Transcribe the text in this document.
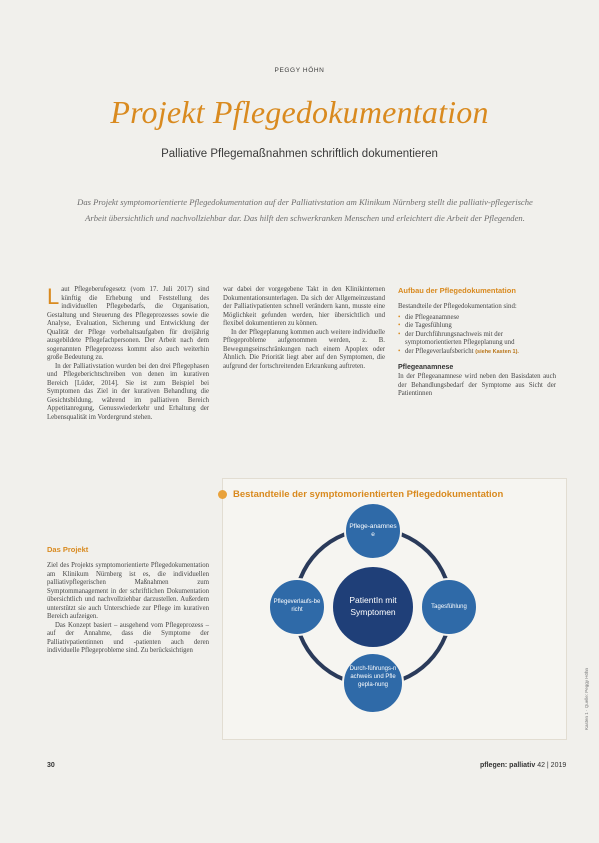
PEGGY HÖHN
Projekt Pflegedokumentation
Palliative Pflegemaßnahmen schriftlich dokumentieren
Das Projekt symptomorientierte Pflegedokumentation auf der Palliativstation am Klinikum Nürnberg stellt die palliativ-pflegerische Arbeit übersichtlich und nachvollziehbar dar. Das hilft den schwerkranken Menschen und erleichtert die Arbeit der Pflegenden.
L aut Pflegeberufegesetz (vom 17. Juli 2017) sind künftig die Erhebung und Feststellung des individuellen Pflegebedarfs, die Organisation, Gestaltung und Steuerung des Pflegeprozesses sowie die Analyse, Evaluation, Sicherung und Entwicklung der Qualität der Pflege vorbehaltsaufgaben für dreijährig ausgebildete Pflegefachpersonen. Der Arbeit nach dem sogenannten Pflegeprozess kommt also auch weiterhin große Bedeutung zu.

In der Palliativstation wurden bei den drei Pflegephasen und Pflegeberichtschreiben von denen im kurativen Bereich [Lüder, 2014]. Sie ist zum Beispiel bei Symptomen das Ziel in der kurativen Behandlung die Gesichtsbildung, während im palliativen Bereich Appetitanregung, Genusswiederkehr und Erhaltung der Lebensqualität im Vordergrund stehen.

war dabei der vorgegebene Takt in den Klinikinternen Dokumentationsunterlagen. Da sich der Allgemeinzustand der Palliativpatienten schnell verändern kann, musste eine Möglichkeit gefunden werden, hier übersichtlich und flexibel dokumentieren zu können.

In der Pflegeplanung kommen auch weitere individuelle Pflegeprobleme aufgenommen werden, z. B. Bewegungseinschränkungen nach einem Apoplex oder Ähnlich. Die Priorität liegt aber auf den Symptomen, die aufgrund der fortschreitenden Erkrankung auftreten.

Aufbau der Pflegedokumentation

Bestandteile der Pflegedokumentation sind:

• die Pflegeanamnese
• die Tagesfühlung
• der Durchführungsnachweis mit der symptomorientierten Pflegeplanung und
• der Pflegeverlaufsbericht (siehe Kasten 1).
Pflegeanamnese

In der Pflegeanamnese wird neben den Basisdaten auch der Behandlungsbedarf der Symptome aus Sicht der Patientinnen

Das Projekt

Ziel des Projekts symptomorientierte Pflegedokumentation am Klinikum Nürnberg ist es, die individuellen palliativpflegerischen Maßnahmen zum Symptommanagement in der schriftlichen Dokumentation übersichtlich und nachvollziehbar darzustellen. Außerdem unterstützt sie auch Unterschiede zur Pflege im kurativen Bereich aufzeigen.

Das Konzept basiert – ausgehend vom Pflegeprozess – auf der Annahme, dass die Symptome der Palliativpatientinnen und -patienten auch deren individuelle Pflegeprobleme sind. Zu berücksichtigen

Bestandteile der symptomorientierten Pflegedokumentation
PatientIn mit Symptomen
Pflege-anamnese
Tagesfühlung
Pflegeverlaufs-bericht
Durch-führungs-nachweis und Pflegepla-nung	Kasten 1 · Quelle: Peggy Höhn
30	pflegen: palliativ 42 | 2019
